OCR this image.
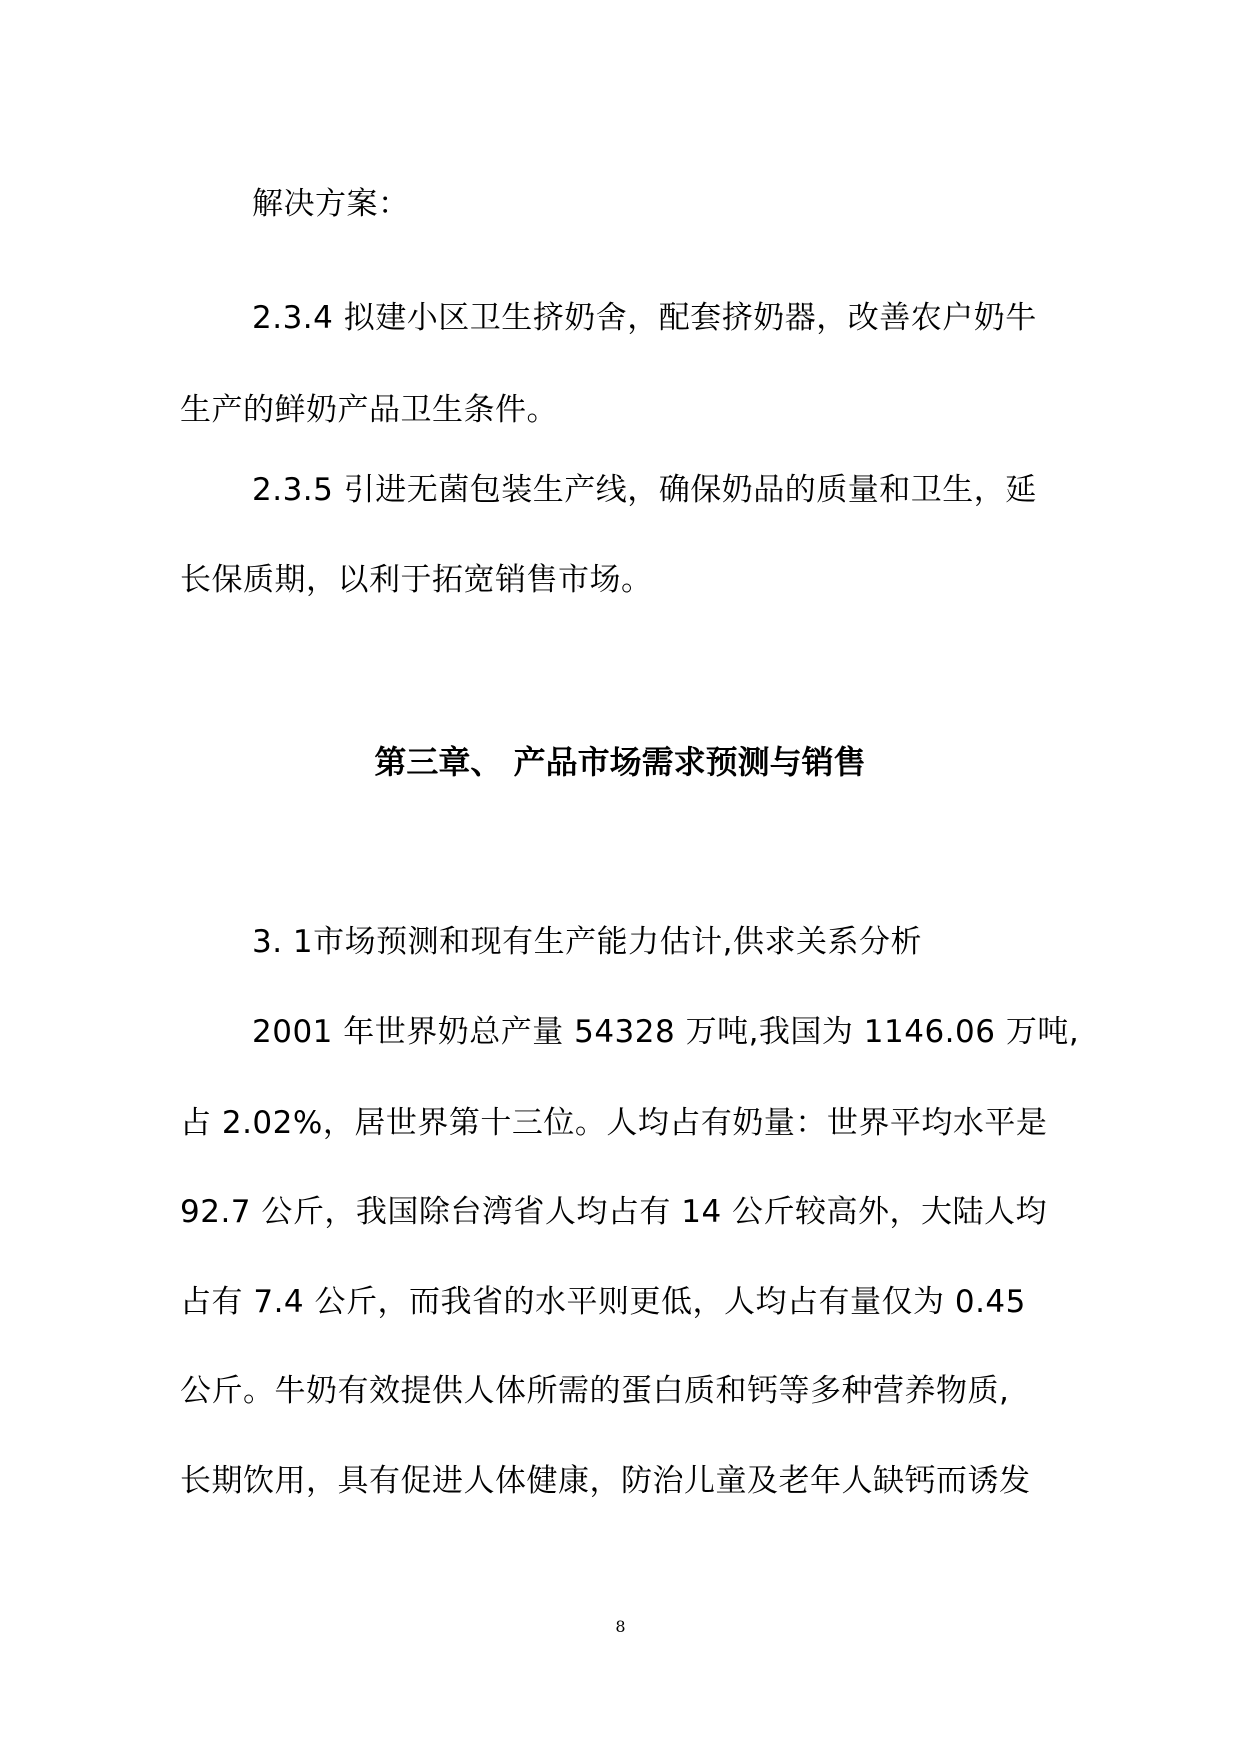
解决方案：
2.3.4 拟建小区卫生挤奶舍，配套挤奶器，改善农户奶牛
生产的鲜奶产品卫生条件。
2.3.5 引进无菌包装生产线，确保奶品的质量和卫生，延
长保质期，以利于拓宽销售市场。
第三章、 产品市场需求预测与销售
3. 1市场预测和现有生产能力估计,供求关系分析
2001 年世界奶总产量 54328 万吨,我国为 1146.06 万吨,
占 2.02%，居世界第十三位。人均占有奶量：世界平均水平是
92.7 公斤，我国除台湾省人均占有 14 公斤较高外，大陆人均
占有 7.4 公斤，而我省的水平则更低，人均占有量仅为 0.45
公斤。牛奶有效提供人体所需的蛋白质和钙等多种营养物质,
长期饮用，具有促进人体健康，防治儿童及老年人缺钙而诱发
8
